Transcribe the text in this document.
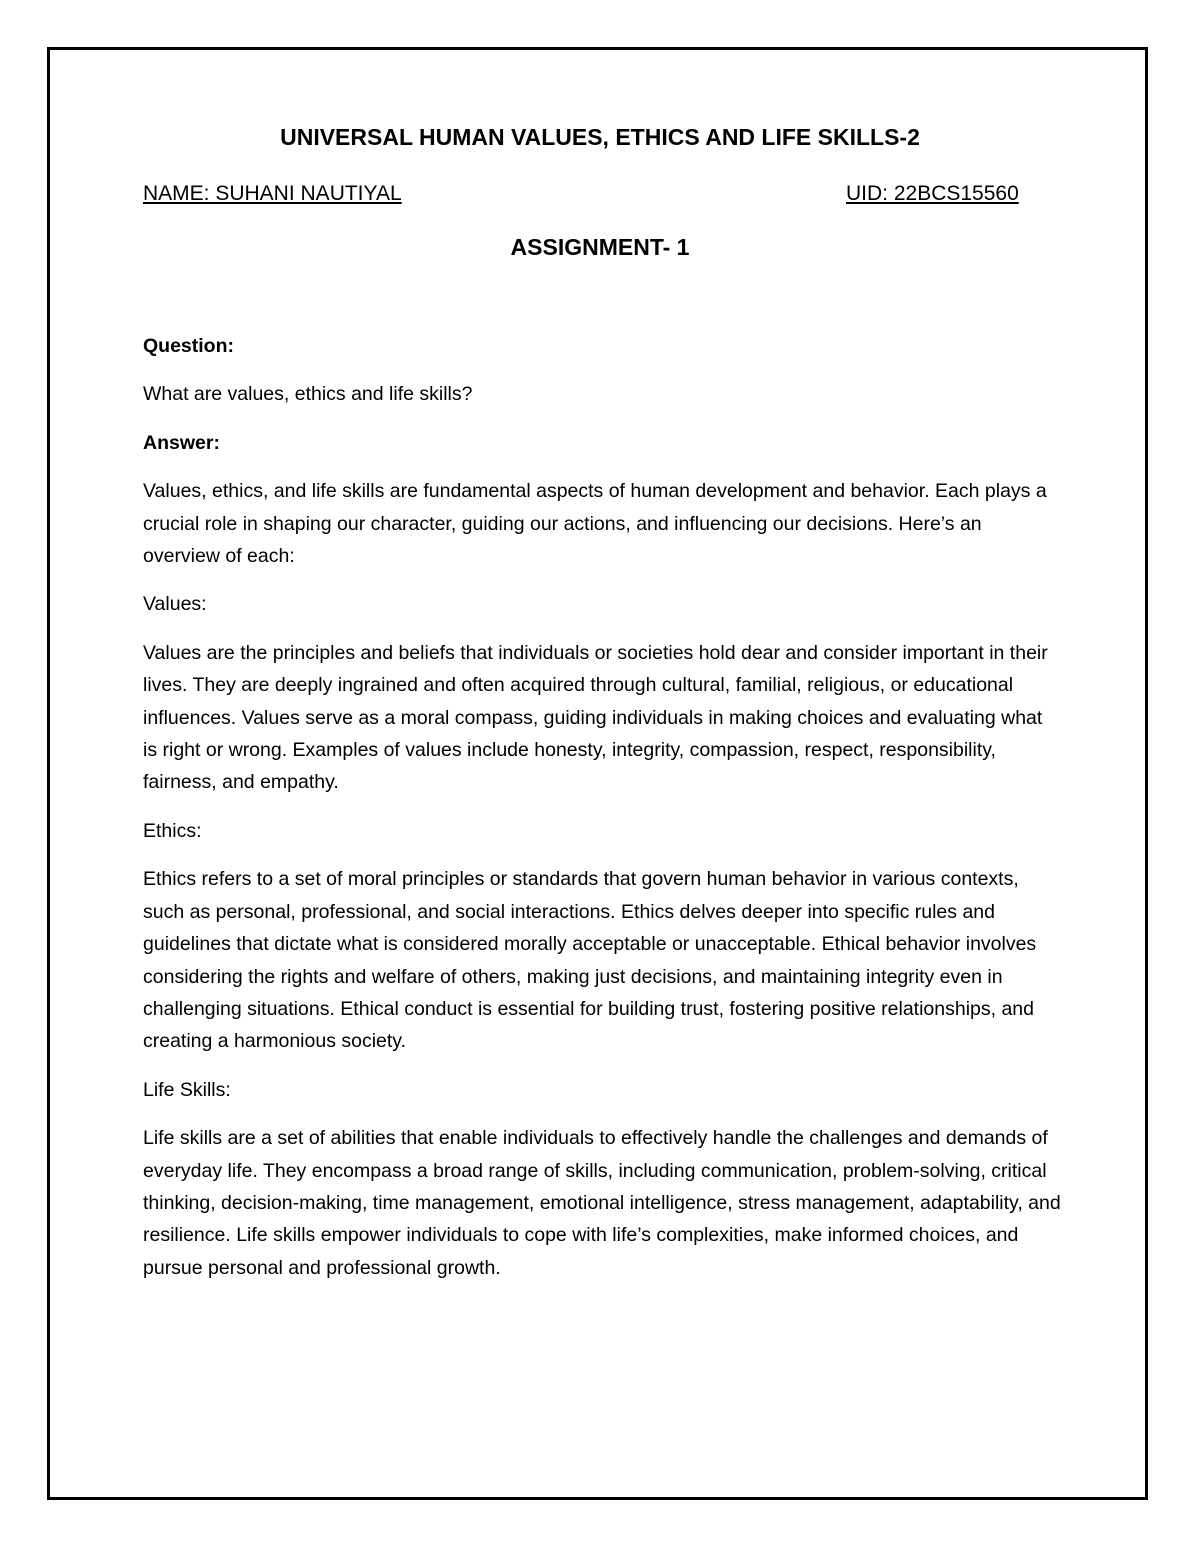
UNIVERSAL HUMAN VALUES, ETHICS AND LIFE SKILLS-2
NAME: SUHANI NAUTIYAL	UID: 22BCS15560
ASSIGNMENT- 1

Question:

What are values, ethics and life skills?

Answer:

Values, ethics, and life skills are fundamental aspects of human development and behavior. Each plays a crucial role in shaping our character, guiding our actions, and influencing our decisions. Here’s an overview of each:

Values:

Values are the principles and beliefs that individuals or societies hold dear and consider important in their lives. They are deeply ingrained and often acquired through cultural, familial, religious, or educational influences. Values serve as a moral compass, guiding individuals in making choices and evaluating what is right or wrong. Examples of values include honesty, integrity, compassion, respect, responsibility, fairness, and empathy.

Ethics:

Ethics refers to a set of moral principles or standards that govern human behavior in various contexts, such as personal, professional, and social interactions. Ethics delves deeper into specific rules and guidelines that dictate what is considered morally acceptable or unacceptable. Ethical behavior involves considering the rights and welfare of others, making just decisions, and maintaining integrity even in challenging situations. Ethical conduct is essential for building trust, fostering positive relationships, and creating a harmonious society.

Life Skills:

Life skills are a set of abilities that enable individuals to effectively handle the challenges and demands of everyday life. They encompass a broad range of skills, including communication, problem-solving, critical thinking, decision-making, time management, emotional intelligence, stress management, adaptability, and resilience. Life skills empower individuals to cope with life’s complexities, make informed choices, and pursue personal and professional growth.
